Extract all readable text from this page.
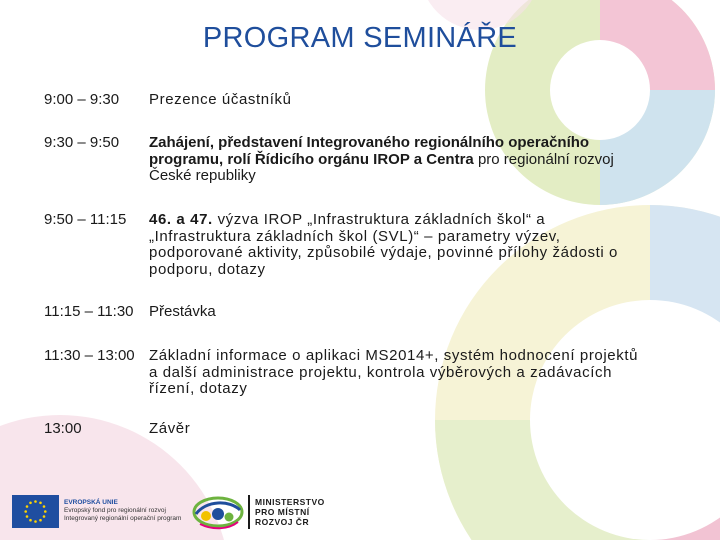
PROGRAM SEMINÁŘE
9:00 – 9:30 Prezence účastníků
9:30 – 9:50 Zahájení, představení Integrovaného regionálního operačního programu, rolí Řídicího orgánu IROP a Centra pro regionální rozvoj České republiky
9:50 – 11:15 46. a 47. výzva IROP „Infrastruktura základních škol“ a „Infrastruktura základních škol (SVL)“ – parametry výzev, podporované aktivity, způsobilé výdaje, povinné přílohy žádosti o podporu, dotazy
11:15 – 11:30 Přestávka
11:30 – 13:00 Základní informace o aplikaci MS2014+, systém hodnocení projektů a další administrace projektu, kontrola výběrových a zadávacích řízení, dotazy
13:00	Závěr
EVROPSKÁ UNIE
Evropský fond pro regionální rozvoj
Integrovaný regionální operační program
MINISTERSTVO
PRO MÍSTNÍ
ROZVOJ ČR
